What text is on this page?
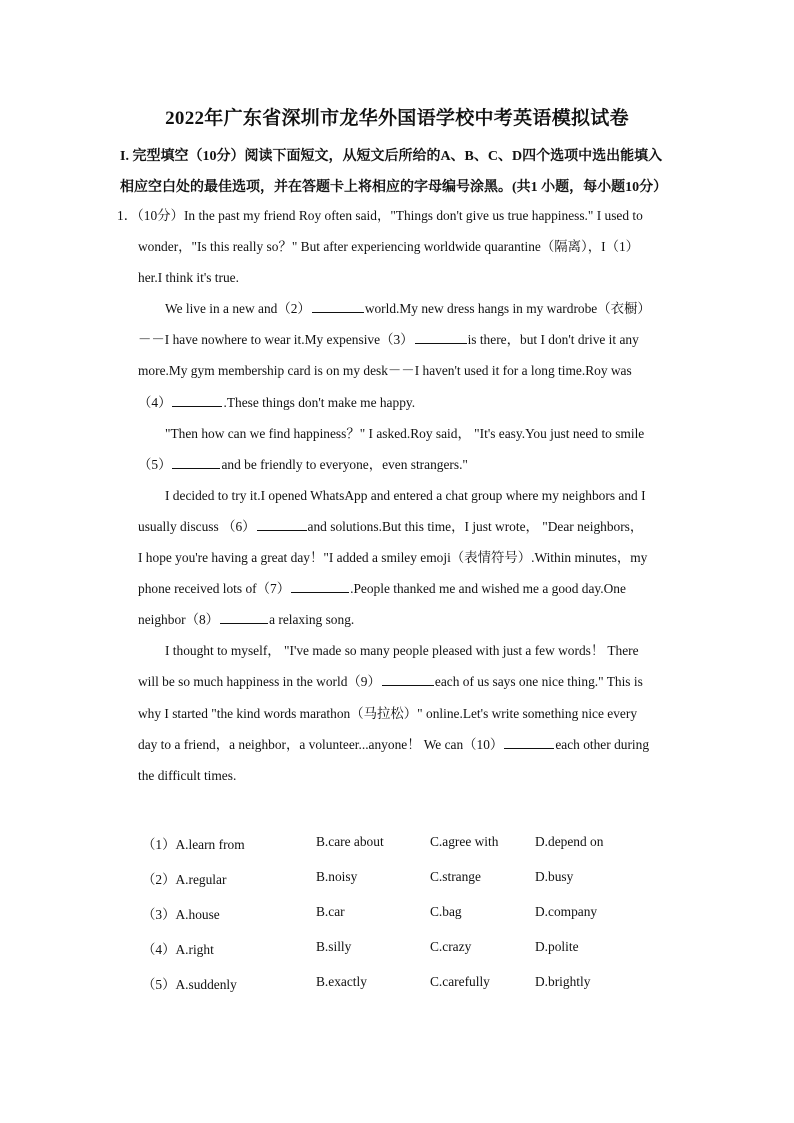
2022年广东省深圳市龙华外国语学校中考英语模拟试卷
I. 完型填空（10分）阅读下面短文，从短文后所给的A、B、C、D四个选项中选出能填入
相应空白处的最佳选项，并在答题卡上将相应的字母编号涂黑。(共1 小题，每小题10分）
1．（10分）In the past my friend Roy often said，"Things don't give us true happiness." I used to
wonder，"Is this really so？" But after experiencing worldwide quarantine（隔离），I（1）
her.I think it's true.
We live in a new and（2）	world.My new dress hangs in my wardrobe（衣橱）
－－I have nowhere to wear it.My expensive（3）	is there，but I don't drive it any
more.My gym membership card is on my desk－－I haven't used it for a long time.Roy was
（4）	.These things don't make me happy.
"Then how can we find happiness？" I asked.Roy said， "It's easy.You just need to smile
（5）	and be friendly to everyone，even strangers."
I decided to try it.I opened WhatsApp and entered a chat group where my neighbors and I
usually discuss （6）	and solutions.But this time，I just wrote， "Dear neighbors，
I hope you're having a great day！"I added a smiley emoji（表情符号）.Within minutes，my
phone received lots of（7）	.People thanked me and wished me a good day.One
neighbor（8）	a relaxing song.
I thought to myself， "I've made so many people pleased with just a few words！ There
will be so much happiness in the world（9）	each of us says one nice thing." This is
why I started "the kind words marathon（马拉松）" online.Let's write something nice every
day to a friend，a neighbor，a volunteer...anyone！ We can（10）	each other during
the difficult times.
（1）A.learn from	B.care about	C.agree with	D.depend on
（2）A.regular	B.noisy	C.strange	D.busy
（3）A.house	B.car	C.bag	D.company
（4）A.right	B.silly	C.crazy	D.polite
（5）A.suddenly	B.exactly	C.carefully	D.brightly
